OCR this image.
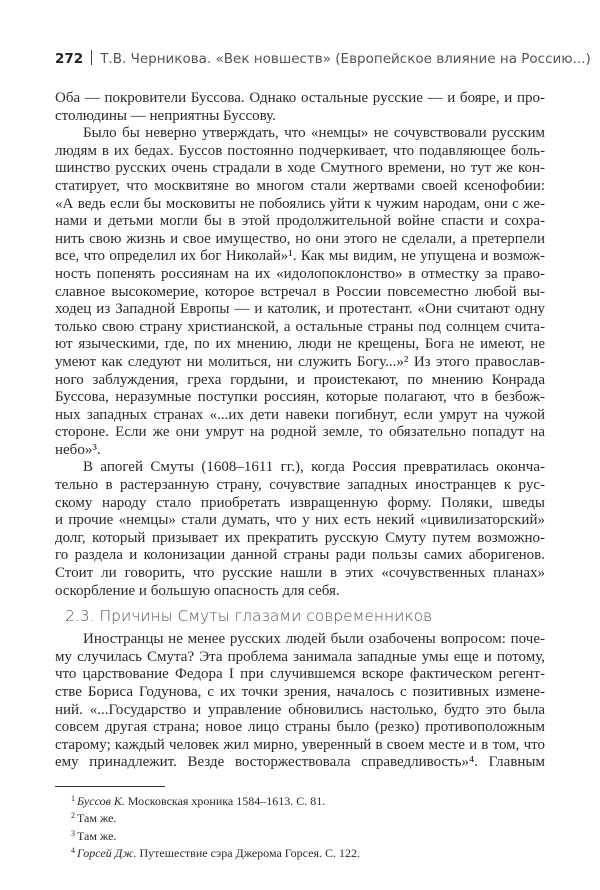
272 Т.В. Черникова. «Век новшеств» (Европейское влияние на Россию...)
Оба — покровители Буссова. Однако остальные русские — и бояре, и про-
столюдины — неприятны Буссову.
Было бы неверно утверждать, что «немцы» не сочувствовали русским
людям в их бедах. Буссов постоянно подчеркивает, что подавляющее боль-
шинство русских очень страдали в ходе Смутного времени, но тут же кон-
статирует, что москвитяне во многом стали жертвами своей ксенофобии:
«А ведь если бы московиты не побоялись уйти к чужим народам, они с же-
нами и детьми могли бы в этой продолжительной войне спасти и сохра-
нить свою жизнь и свое имущество, но они этого не сделали, а претерпели
все, что определил их бог Николай»¹. Как мы видим, не упущена и возмож-
ность попенять россиянам на их «идолопоклонство» в отместку за право-
славное высокомерие, которое встречал в России повсеместно любой вы-
ходец из Западной Европы — и католик, и протестант. «Они считают одну
только свою страну христианской, а остальные страны под солнцем счита-
ют языческими, где, по их мнению, люди не крещены, Бога не имеют, не
умеют как следуют ни молиться, ни служить Богу...»² Из этого православ-
ного заблуждения, греха гордыни, и проистекают, по мнению Конрада
Буссова, неразумные поступки россиян, которые полагают, что в безбож-
ных западных странах «...их дети навеки погибнут, если умрут на чужой
стороне. Если же они умрут на родной земле, то обязательно попадут на
небо»³.
В апогей Смуты (1608–1611 гг.), когда Россия превратилась оконча-
тельно в растерзанную страну, сочувствие западных иностранцев к рус-
скому народу стало приобретать извращенную форму. Поляки, шведы
и прочие «немцы» стали думать, что у них есть некий «цивилизаторский»
долг, который призывает их прекратить русскую Смуту путем возможно-
го раздела и колонизации данной страны ради пользы самих аборигенов.
Стоит ли говорить, что русские нашли в этих «сочувственных планах»
оскорбление и большую опасность для себя.
2.3. Причины Смуты глазами современников
Иностранцы не менее русских людей были озабочены вопросом: поче-
му случилась Смута? Эта проблема занимала западные умы еще и потому,
что царствование Федора I при случившемся вскоре фактическом регент-
стве Бориса Годунова, с их точки зрения, началось с позитивных измене-
ний. «...Государство и управление обновились настолько, будто это была
совсем другая страна; новое лицо страны было (резко) противоположным
старому; каждый человек жил мирно, уверенный в своем месте и в том, что
ему принадлежит. Везде восторжествовала справедливость»⁴. Главным
1 Буссов К. Московская хроника 1584–1613. С. 81.
2 Там же.
3 Там же.
4 Горсей Дж. Путешествие сэра Джерома Горсея. С. 122.
